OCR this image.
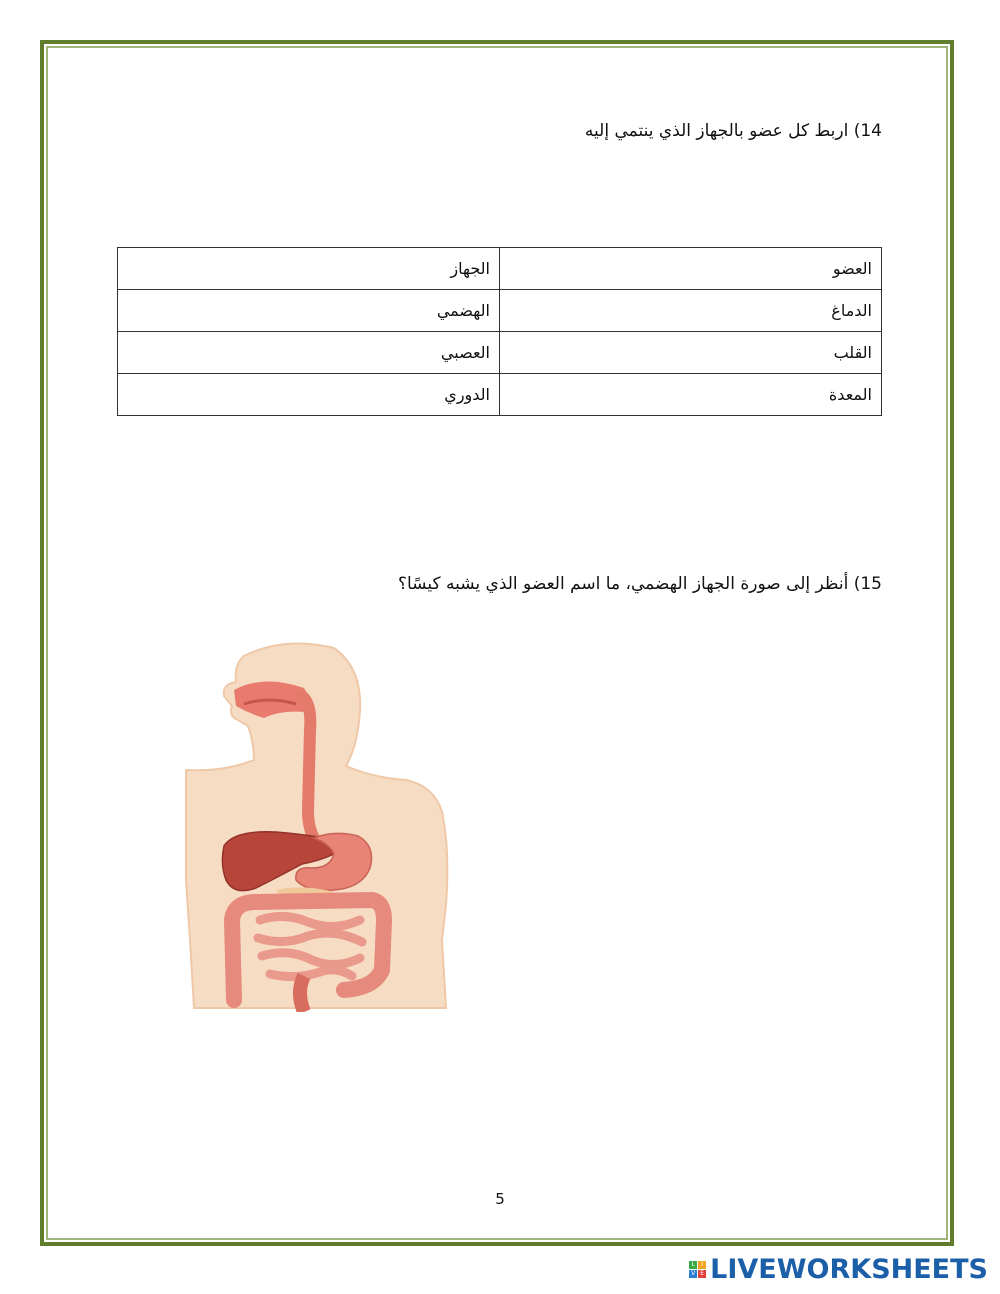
14) اربط كل عضو بالجهاز الذي ينتمي إليه
العضو	الجهاز
الدماغ	الهضمي
القلب	العصبي
المعدة	الدوري
15) أنظر إلى صورة الجهاز الهضمي، ما اسم العضو الذي يشبه كيسًا؟
5
L	I
V E LIVEWORKSHEETS
